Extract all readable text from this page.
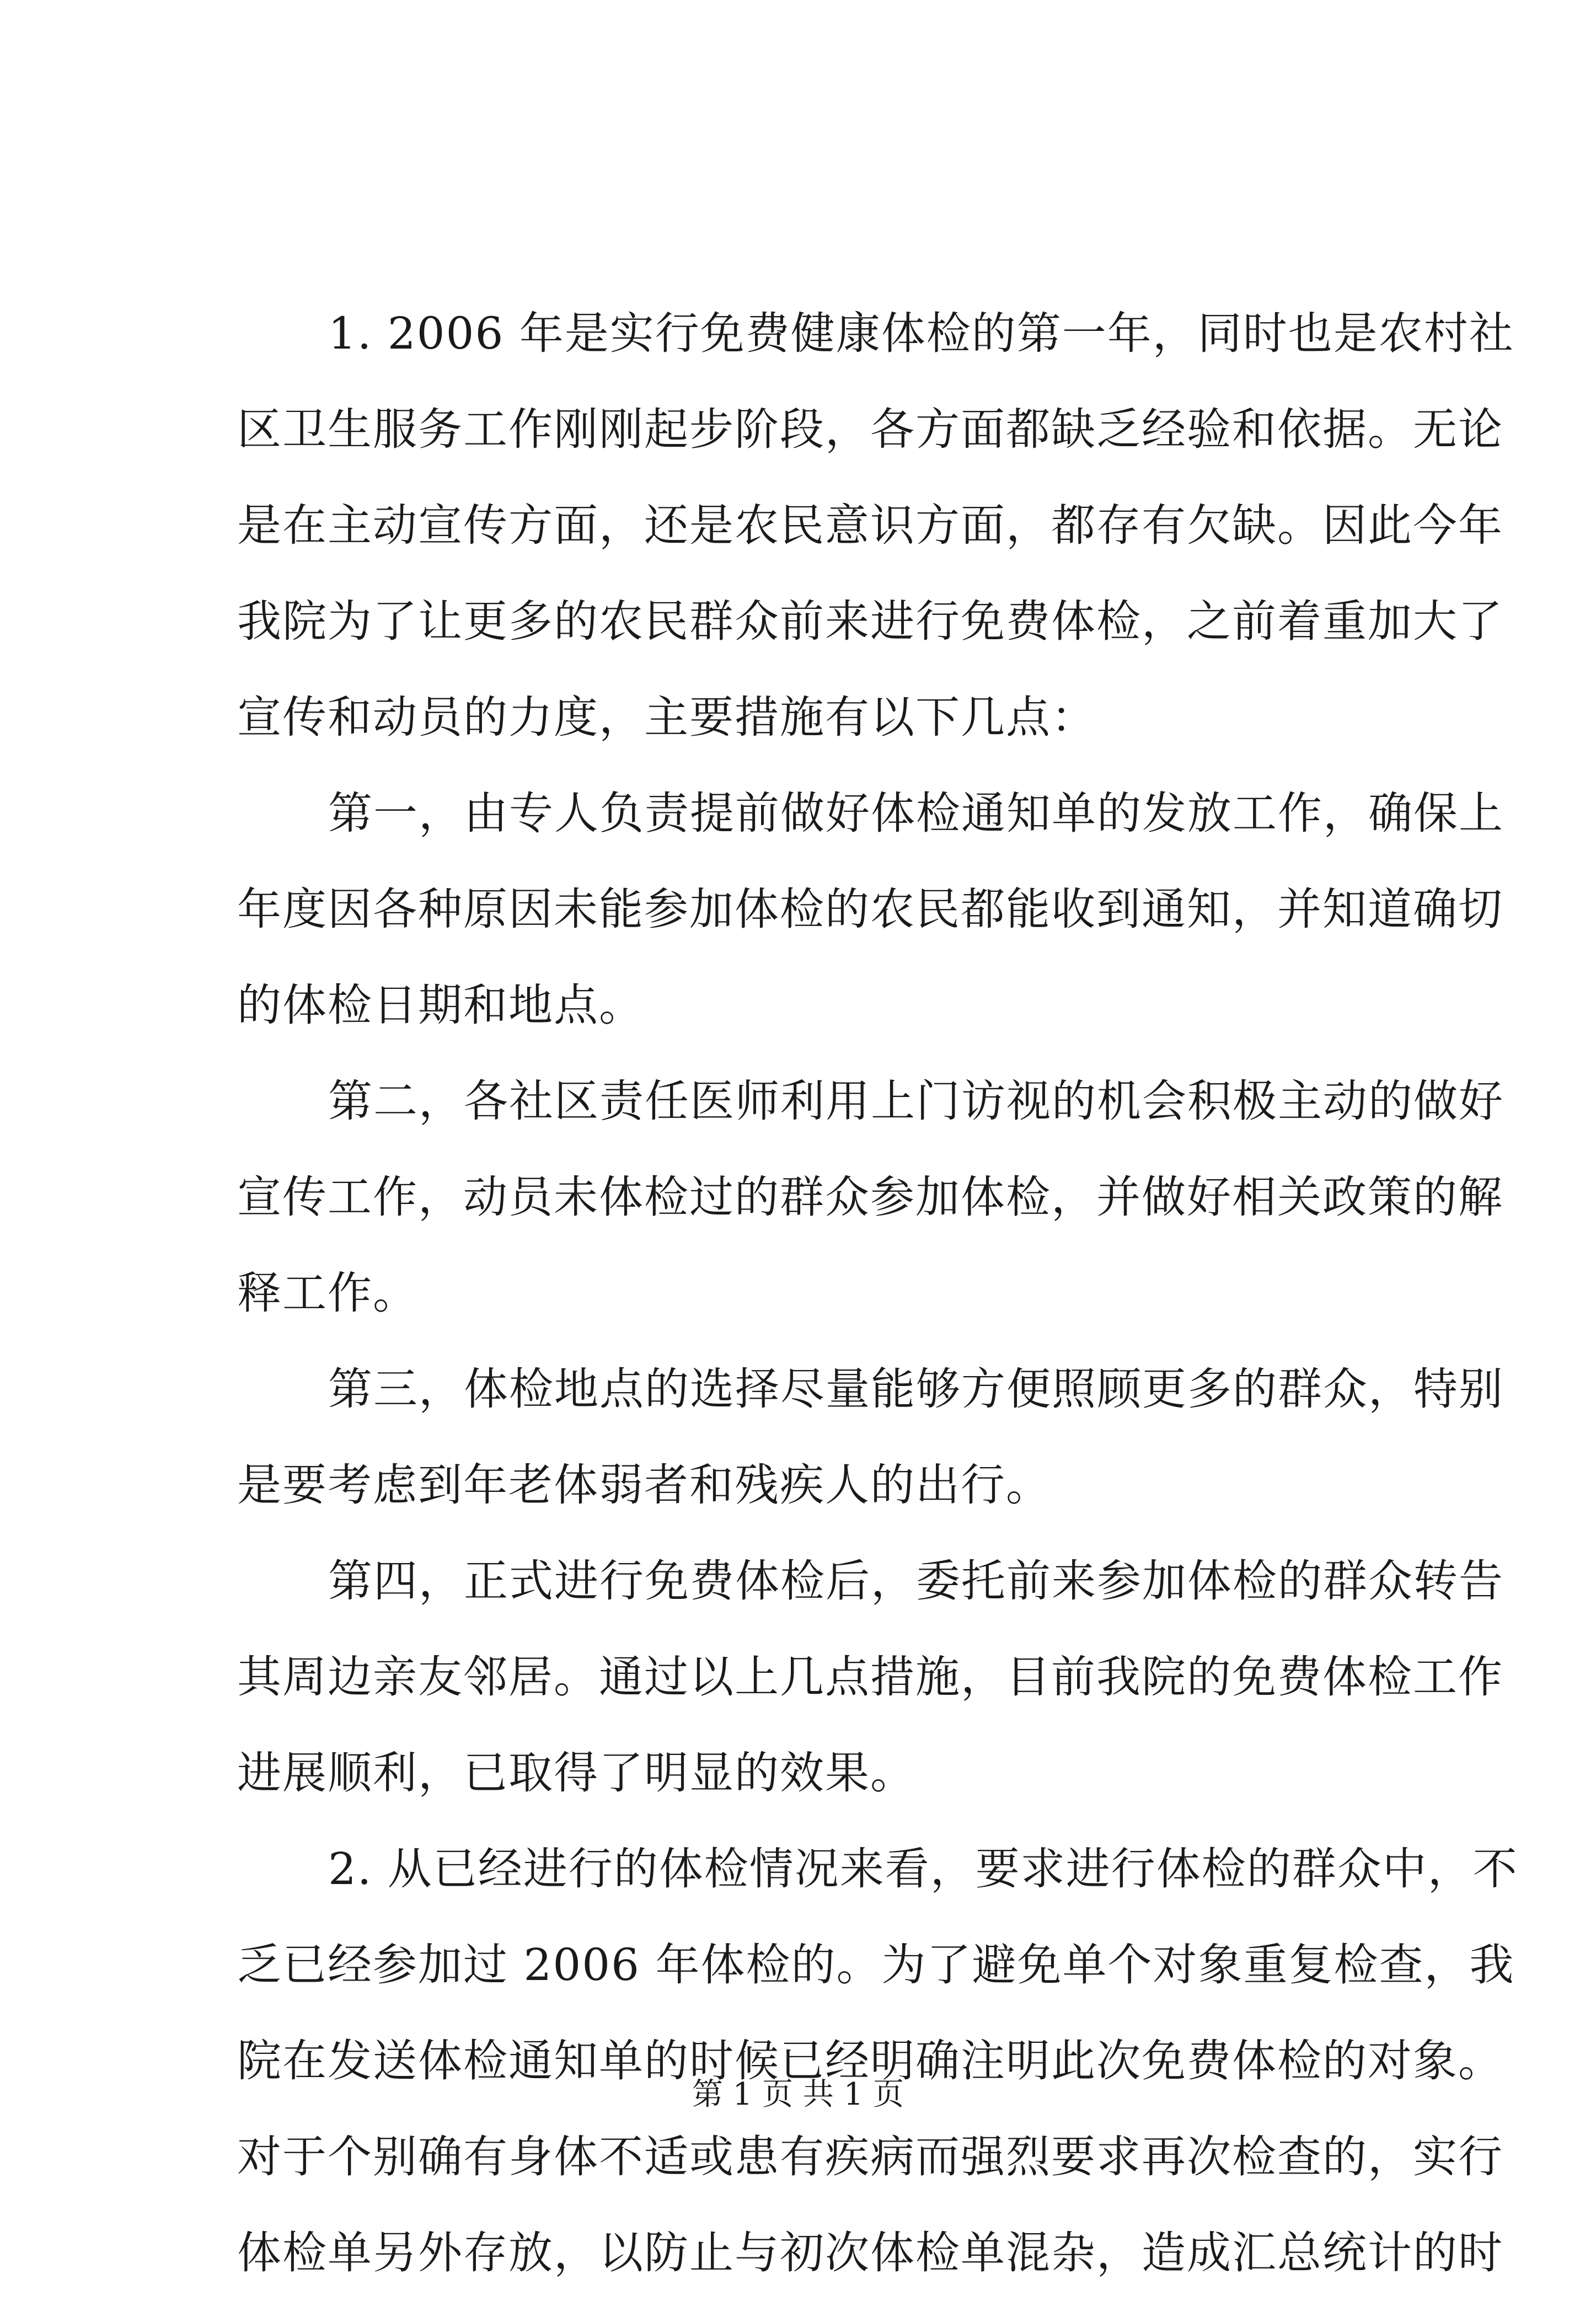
1. 2006 年是实行免费健康体检的第一年，同时也是农村社
区卫生服务工作刚刚起步阶段，各方面都缺乏经验和依据。无论
是在主动宣传方面，还是农民意识方面，都存有欠缺。因此今年
我院为了让更多的农民群众前来进行免费体检，之前着重加大了
宣传和动员的力度，主要措施有以下几点：
第一，由专人负责提前做好体检通知单的发放工作，确保上
年度因各种原因未能参加体检的农民都能收到通知，并知道确切
的体检日期和地点。
第二，各社区责任医师利用上门访视的机会积极主动的做好
宣传工作，动员未体检过的群众参加体检，并做好相关政策的解
释工作。
第三，体检地点的选择尽量能够方便照顾更多的群众，特别
是要考虑到年老体弱者和残疾人的出行。
第四，正式进行免费体检后，委托前来参加体检的群众转告
其周边亲友邻居。通过以上几点措施，目前我院的免费体检工作
进展顺利，已取得了明显的效果。
2. 从已经进行的体检情况来看，要求进行体检的群众中，不
乏已经参加过 2006 年体检的。为了避免单个对象重复检查，我
院在发送体检通知单的时候已经明确注明此次免费体检的对象。
对于个别确有身体不适或患有疾病而强烈要求再次检查的，实行
体检单另外存放，以防止与初次体检单混杂，造成汇总统计的时
第 1 页 共 1 页
